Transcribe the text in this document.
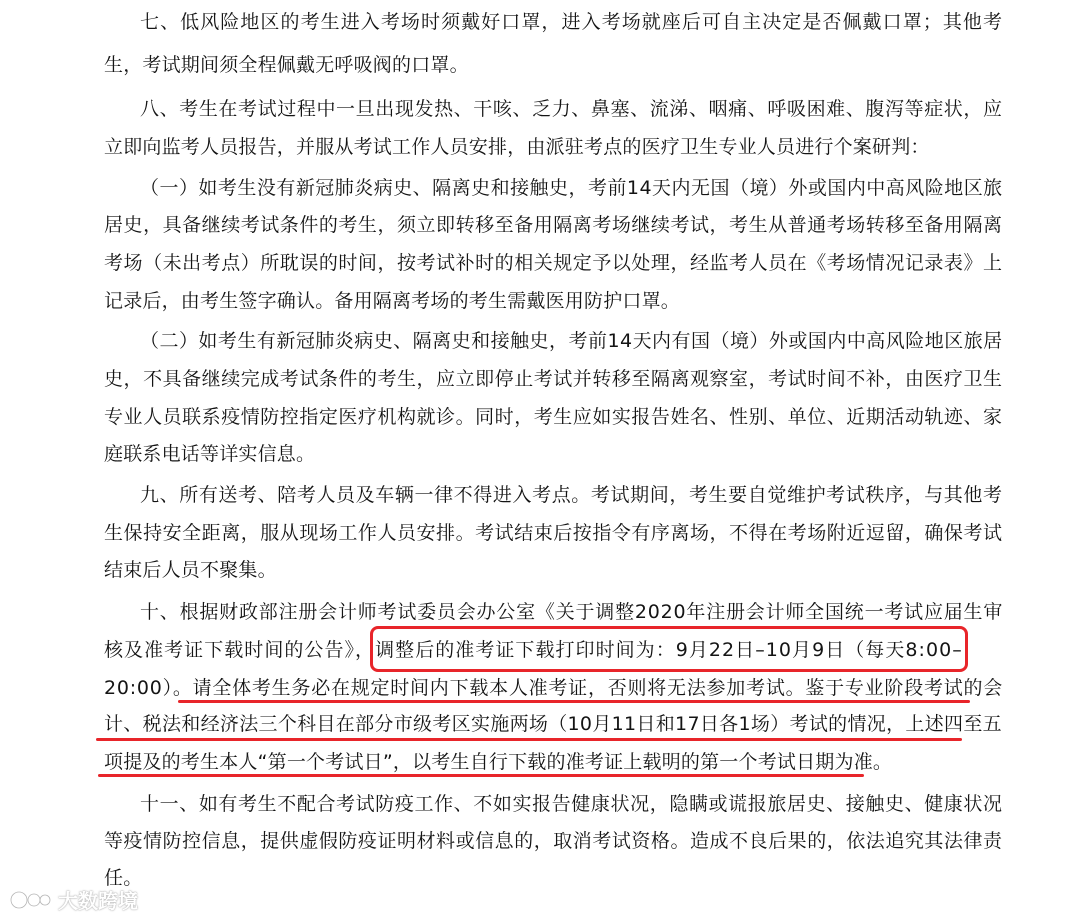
七、低风险地区的考生进入考场时须戴好口罩，进入考场就座后可自主决定是否佩戴口罩；其他考
生，考试期间须全程佩戴无呼吸阀的口罩。
八、考生在考试过程中一旦出现发热、干咳、乏力、鼻塞、流涕、咽痛、呼吸困难、腹泻等症状，应
立即向监考人员报告，并服从考试工作人员安排，由派驻考点的医疗卫生专业人员进行个案研判：
（一）如考生没有新冠肺炎病史、隔离史和接触史，考前14天内无国（境）外或国内中高风险地区旅
居史，具备继续考试条件的考生，须立即转移至备用隔离考场继续考试，考生从普通考场转移至备用隔离
考场（未出考点）所耽误的时间，按考试补时的相关规定予以处理，经监考人员在《考场情况记录表》上
记录后，由考生签字确认。备用隔离考场的考生需戴医用防护口罩。
（二）如考生有新冠肺炎病史、隔离史和接触史，考前14天内有国（境）外或国内中高风险地区旅居
史，不具备继续完成考试条件的考生，应立即停止考试并转移至隔离观察室，考试时间不补，由医疗卫生
专业人员联系疫情防控指定医疗机构就诊。同时，考生应如实报告姓名、性别、单位、近期活动轨迹、家
庭联系电话等详实信息。
九、所有送考、陪考人员及车辆一律不得进入考点。考试期间，考生要自觉维护考试秩序，与其他考
生保持安全距离，服从现场工作人员安排。考试结束后按指令有序离场，不得在考场附近逗留，确保考试
结束后人员不聚集。
十、根据财政部注册会计师考试委员会办公室《关于调整2020年注册会计师全国统一考试应届生审
核及准考证下载时间的公告》，调整后的准考证下载打印时间为：9月22日–10月9日（每天8:00–
20:00）。请全体考生务必在规定时间内下载本人准考证，否则将无法参加考试。鉴于专业阶段考试的会
计、税法和经济法三个科目在部分市级考区实施两场（10月11日和17日各1场）考试的情况，上述四至五
项提及的考生本人“第一个考试日”，以考生自行下载的准考证上载明的第一个考试日期为准。
十一、如有考生不配合考试防疫工作、不如实报告健康状况，隐瞒或谎报旅居史、接触史、健康状况
等疫情防控信息，提供虚假防疫证明材料或信息的，取消考试资格。造成不良后果的，依法追究其法律责
任。
大数跨境
